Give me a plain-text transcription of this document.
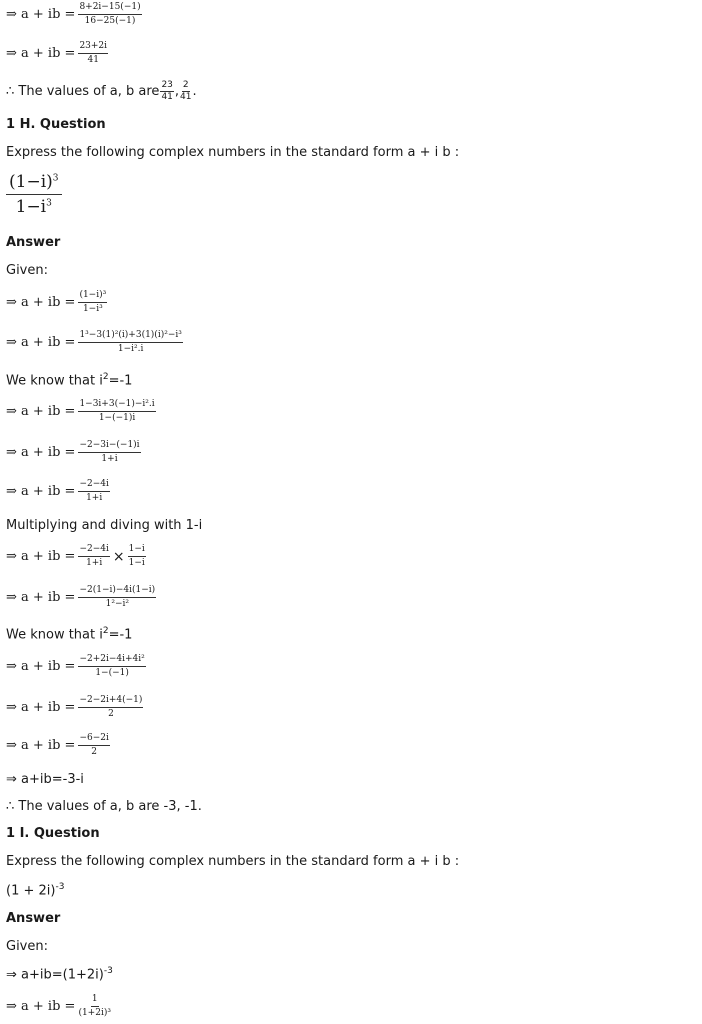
⇒ a + ib = $\frac{8+2i-15(-1)}{16-25(-1)}$
⇒ a + ib = $\frac{23+2i}{41}$
∴ The values of a, b are $\frac{23}{41}$ , $\frac{2}{41}$ .
1 H. Question
Express the following complex numbers in the standard form a + i b :
$\frac{(1-i)^3}{1-i^3}$
Answer
Given:
⇒ a + ib = $\frac{\text{(1−i)³}}{\text{1−i³}}$
⇒ a + ib = $\frac{\text{1³−3(1)²(i)+3(1)(i)²−i³}}{\text{1−i².i}}$
We know that $i^2=-1$
⇒ a + ib = $\frac{\text{1−3i+3(−1)−i².i}}{1-(-1)i}$
⇒ a + ib = $\frac{-2-3i-(-1)i}{1+i}$
⇒ a + ib = $\frac{-2-4i}{1+i}$
Multiplying and diving with 1-i
⇒ a + ib = $\frac{-2-4i}{1+i} \times \frac{1-i}{1-i}$
⇒ a + ib = $\frac{-2(1-i)-4i(1-i)}{\text{1²−i²}}$
We know that $i^2=-1$
⇒ a + ib = $\frac{\text{−2+2i−4i+4i²}}{1-(-1)}$
⇒ a + ib = $\frac{-2-2i+4(-1)}{2}$
⇒ a + ib = $\frac{-6-2i}{2}$
⇒ a+ib=-3-i
∴ The values of a, b are -3, -1.
1 I. Question
Express the following complex numbers in the standard form a + i b :
$(1 + 2i)^{-3}$
Answer
Given:
⇒ $a+ib=(1+2i)^{-3}$
⇒ a + ib = $\frac{1}{\text{(1+2i)³}}$
